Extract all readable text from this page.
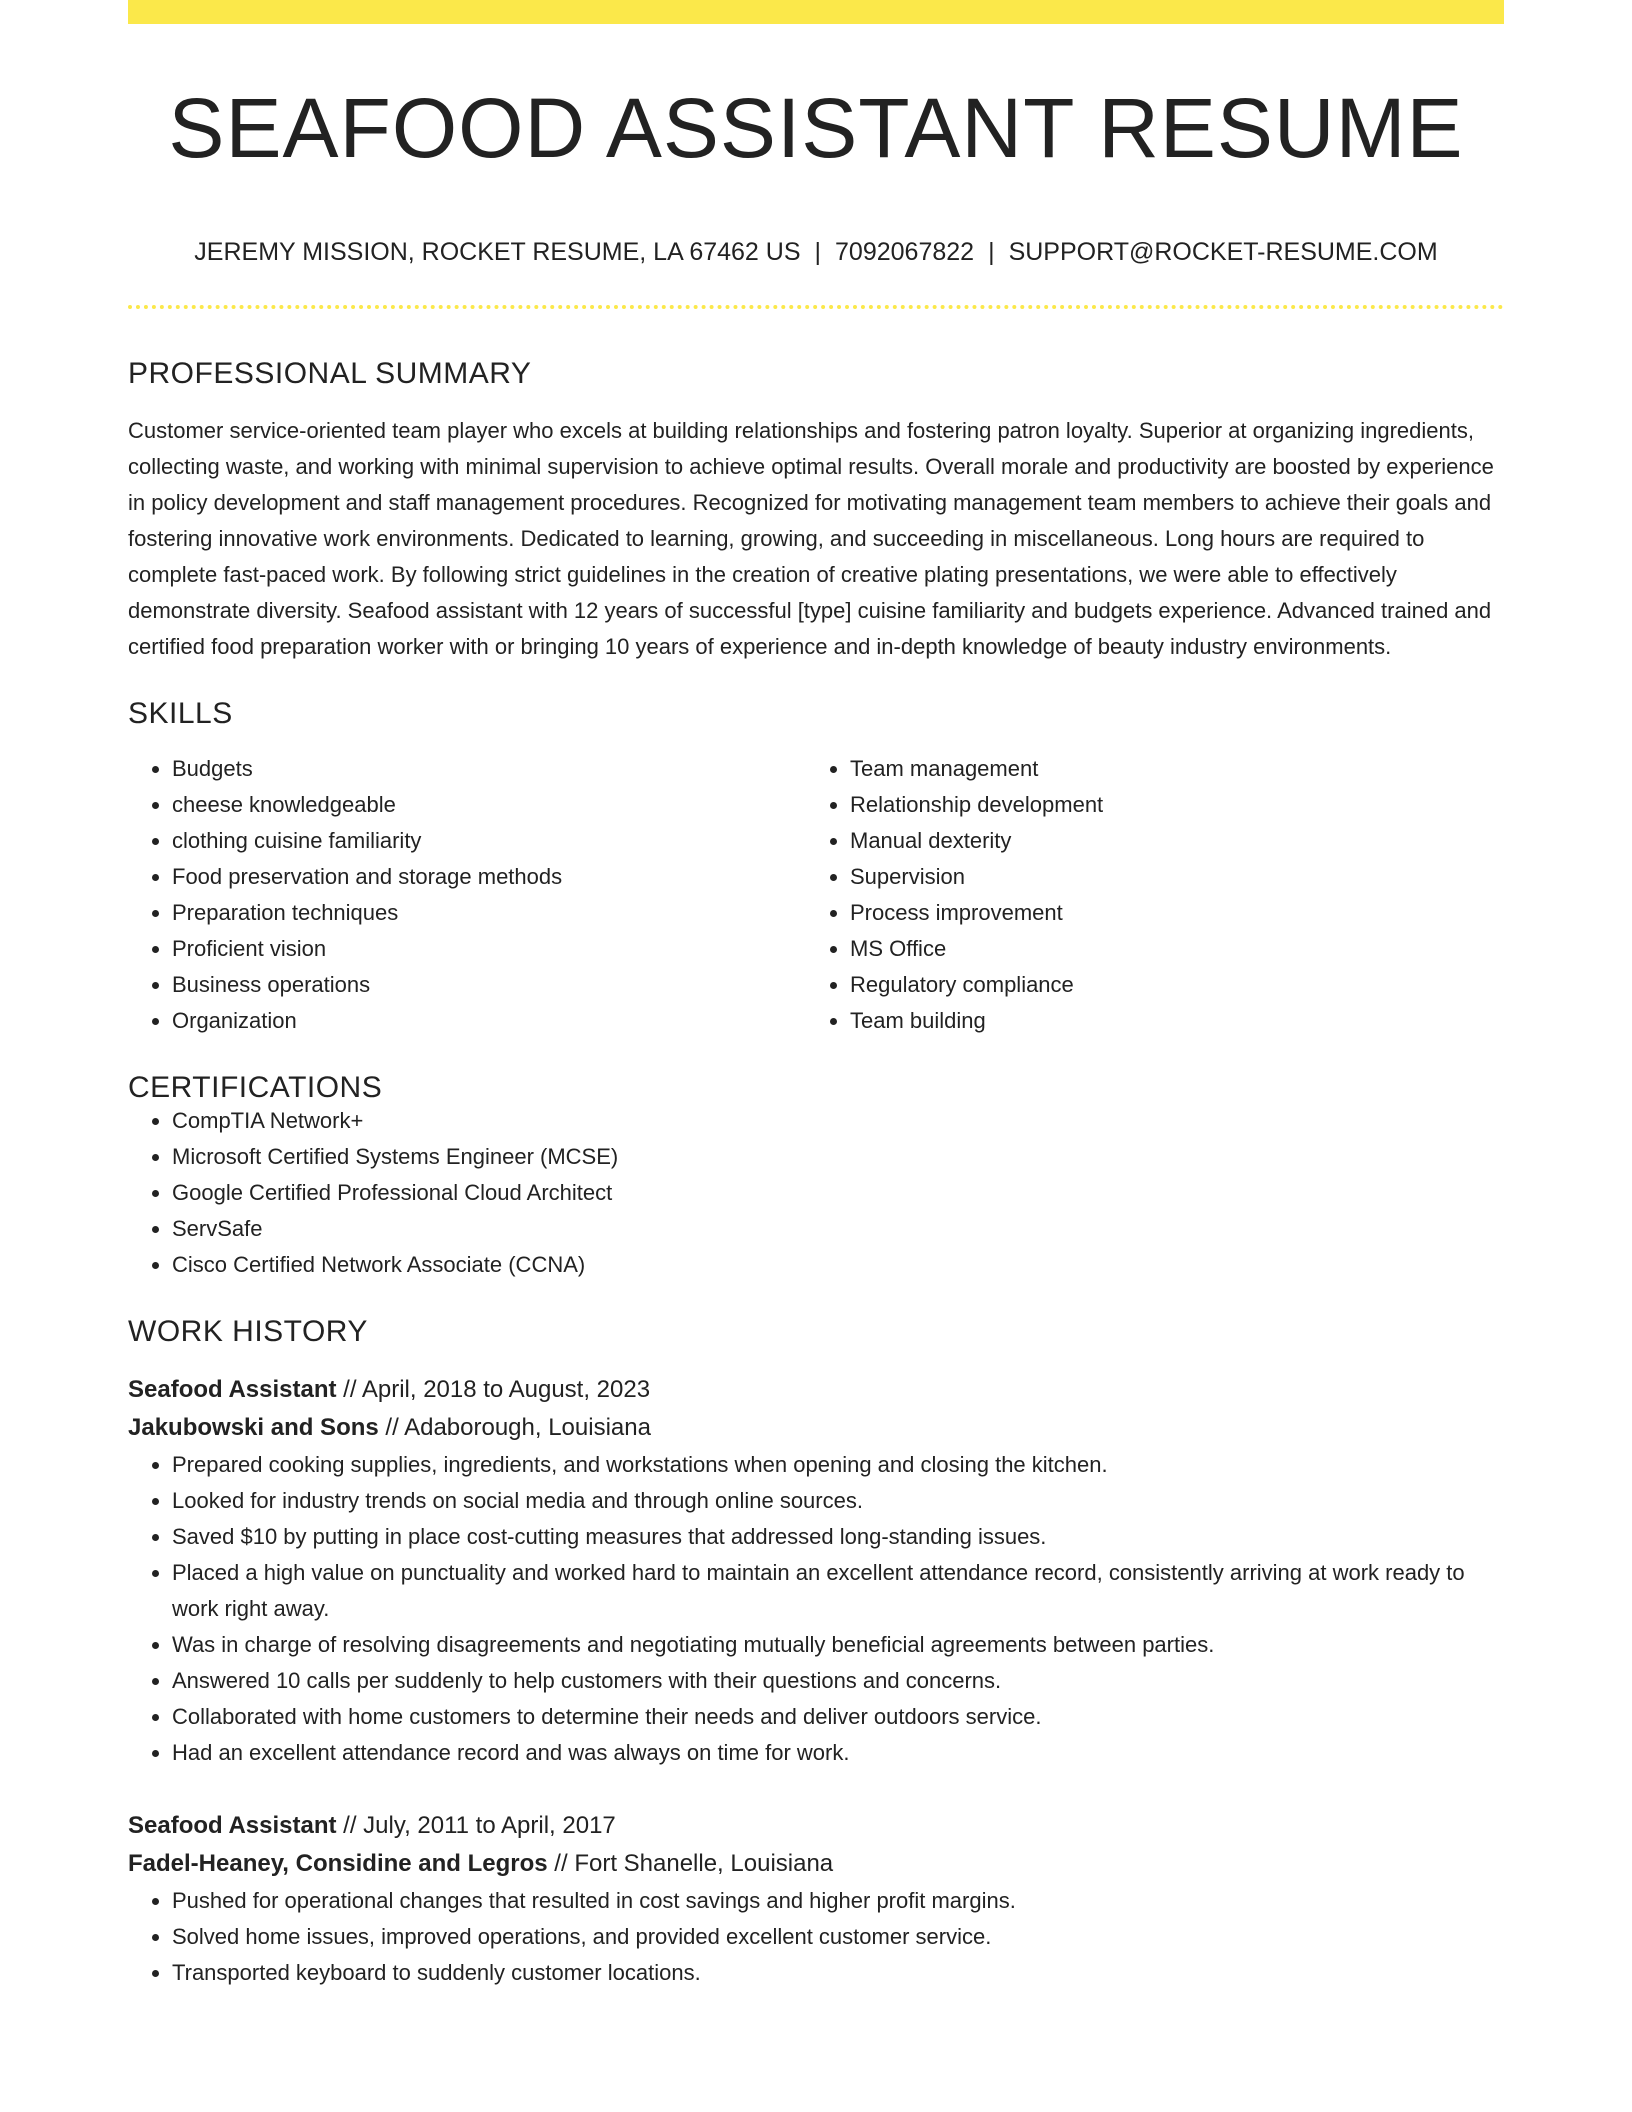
SEAFOOD ASSISTANT RESUME
JEREMY MISSION, ROCKET RESUME, LA 67462 US | 7092067822 | SUPPORT@ROCKET-RESUME.COM
PROFESSIONAL SUMMARY

Customer service-oriented team player who excels at building relationships and fostering patron loyalty. Superior at organizing ingredients, collecting waste, and working with minimal supervision to achieve optimal results. Overall morale and productivity are boosted by experience in policy development and staff management procedures. Recognized for motivating management team members to achieve their goals and fostering innovative work environments. Dedicated to learning, growing, and succeeding in miscellaneous. Long hours are required to complete fast-paced work. By following strict guidelines in the creation of creative plating presentations, we were able to effectively demonstrate diversity. Seafood assistant with 12 years of successful [type] cuisine familiarity and budgets experience. Advanced trained and certified food preparation worker with or bringing 10 years of experience and in-depth knowledge of beauty industry environments.

SKILLS
• Budgets
• cheese knowledgeable
• clothing cuisine familiarity
• Food preservation and storage methods
• Preparation techniques
• Proficient vision
• Business operations
• Organization
• Team management
• Relationship development
• Manual dexterity
• Supervision
• Process improvement
• MS Office
• Regulatory compliance
• Team building
CERTIFICATIONS
• CompTIA Network+
• Microsoft Certified Systems Engineer (MCSE)
• Google Certified Professional Cloud Architect
• ServSafe
• Cisco Certified Network Associate (CCNA)
WORK HISTORY
Seafood Assistant // April, 2018 to August, 2023
Jakubowski and Sons // Adaborough, Louisiana
• Prepared cooking supplies, ingredients, and workstations when opening and closing the kitchen.
• Looked for industry trends on social media and through online sources.
• Saved $10 by putting in place cost-cutting measures that addressed long-standing issues.
• Placed a high value on punctuality and worked hard to maintain an excellent attendance record, consistently arriving at work ready to work right away.
• Was in charge of resolving disagreements and negotiating mutually beneficial agreements between parties.
• Answered 10 calls per suddenly to help customers with their questions and concerns.
• Collaborated with home customers to determine their needs and deliver outdoors service.
• Had an excellent attendance record and was always on time for work.
Seafood Assistant // July, 2011 to April, 2017
Fadel-Heaney, Considine and Legros // Fort Shanelle, Louisiana
• Pushed for operational changes that resulted in cost savings and higher profit margins.
• Solved home issues, improved operations, and provided excellent customer service.
• Transported keyboard to suddenly customer locations.
